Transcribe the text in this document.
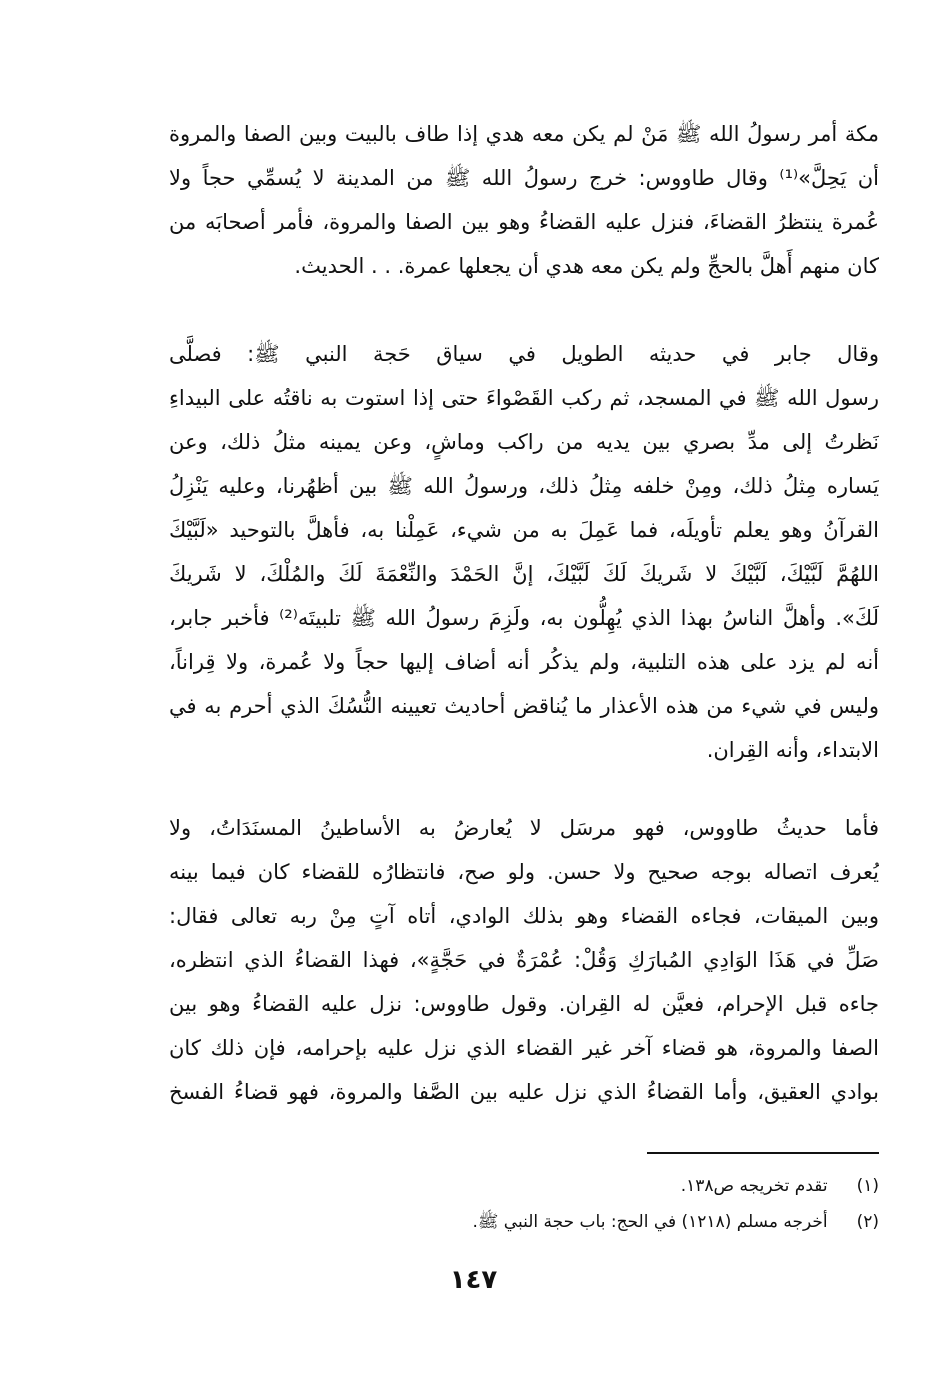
مكة أمر رسولُ الله ﷺ مَنْ لم يكن معه هدي إذا طاف بالبيت وبين الصفا والمروة
أن يَحِلَّ»⁽¹⁾ وقال طاووس: خرج رسولُ الله ﷺ من المدينة لا يُسمِّي حجاً ولا
عُمرة ينتظرُ القضاءَ، فنزل عليه القضاءُ وهو بين الصفا والمروة، فأمر أصحابَه من
كان منهم أَهلَّ بالحجِّ ولم يكن معه هدي أن يجعلها عمرة. . . الحديث.
وقال جابر في حديثه الطويل في سياق حَجة النبي ﷺ: فصلَّى
رسول الله ﷺ في المسجد، ثم ركب القَصْواءَ حتى إذا استوت به ناقتُه على البيداءِ
نَظرتُ إلى مدِّ بصري بين يديه من راكب وماشٍ، وعن يمينه مثلُ ذلك، وعن
يَساره مِثلُ ذلك، ومِنْ خلفه مِثلُ ذلك، ورسولُ الله ﷺ بين أظهُرنا، وعليه يَنْزِلُ
القرآنُ وهو يعلم تأويلَه، فما عَمِلَ به من شيء، عَمِلْنا به، فأهلَّ بالتوحيد «لَبَّيْكَ
اللهُمَّ لَبَّيْكَ، لَبَّيْكَ لا شَريكَ لَكَ لَبَّيْكَ، إنَّ الحَمْدَ والنِّعْمَةَ لَكَ والمُلْكَ، لا شَريكَ
لَكَ». وأهلَّ الناسُ بهذا الذي يُهِلُّون به، ولَزِمَ رسولُ الله ﷺ تلبيتَه⁽²⁾ فأخبر جابر،
أنه لم يزد على هذه التلبية، ولم يذكُر أنه أضاف إليها حجاً ولا عُمرة، ولا قِراناً،
وليس في شيء من هذه الأعذار ما يُناقض أحاديث تعيينه النُّسُكَ الذي أحرم به في
الابتداء، وأنه القِران.
فأما حديثُ طاووس، فهو مرسَل لا يُعارضُ به الأساطينُ المسنَدَاتُ، ولا
يُعرف اتصاله بوجه صحيح ولا حسن. ولو صح، فانتظارُه للقضاء كان فيما بينه
وبين الميقات، فجاءه القضاء وهو بذلك الوادي، أتاه آتٍ مِنْ ربه تعالى فقال:
صَلِّ في هَذَا الوَادِي المُبارَكِ وَقُلْ: عُمْرَةٌ في حَجَّةٍ»، فهذا القضاءُ الذي انتظره،
جاءه قبل الإحرام، فعيَّن له القِران. وقول طاووس: نزل عليه القضاءُ وهو بين
الصفا والمروة، هو قضاء آخر غير القضاء الذي نزل عليه بإحرامه، فإن ذلك كان
بوادي العقيق، وأما القضاءُ الذي نزل عليه بين الصَّفا والمروة، فهو قضاءُ الفسخ
(١) تقدم تخريجه ص١٣٨.
(٢) أخرجه مسلم (١٢١٨) في الحج: باب حجة النبي ﷺ.
١٤٧
